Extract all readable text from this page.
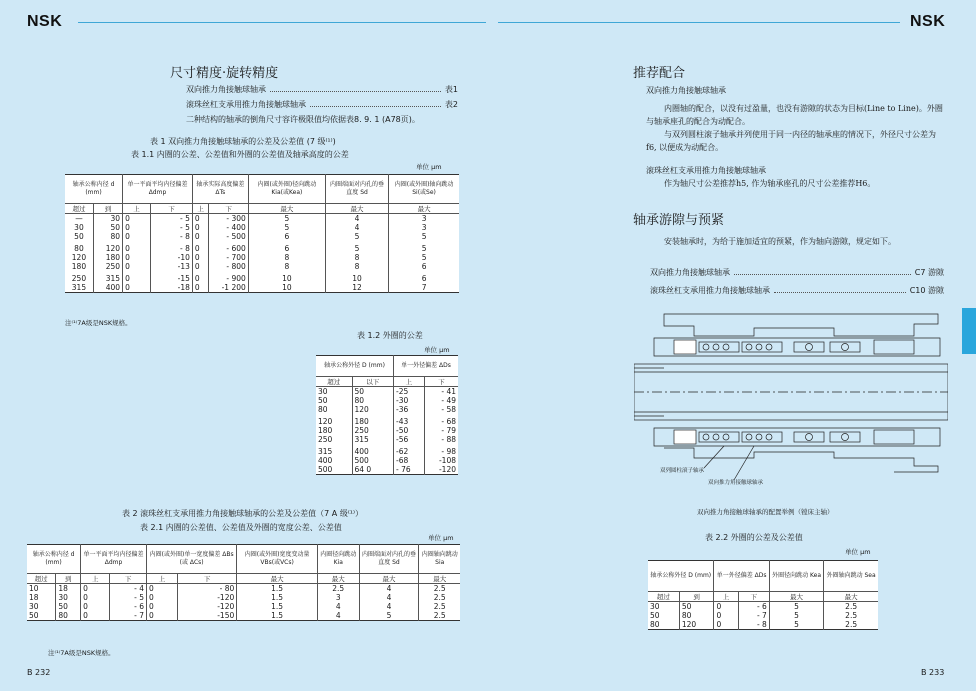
NSK	NSK
尺寸精度·旋转精度
双向推力角接触球轴承	表1
滚珠丝杠支承用推力角接触球轴承	表2
二种结构的轴承的倒角尺寸容许极限值均依据表8. 9. 1 (A78页)。
表 1 双向推力角接触球轴承的公差及公差值 (7 级⁽¹⁾)
表 1.1 内圈的公差、公差值和外圈的公差值及轴承高度的公差
单位 μm
轴承公称内径 d (mm)		单一平面平均内径偏差 Δdmp		轴承实际高度偏差 ΔTs		内圈(或外圈)径向跳动 Kia(或Kea)	内圈端面对内孔的垂直度 Sd	内圈(或外圈)轴向跳动 Si(或Se)
超过	到	上	下	上	下	最大	最大	最大
—	30	0	- 5	0	- 300	5	4	3
30	50	0	- 5	0	- 400	5	4	3
50	80	0	- 8	0	- 500	6	5	5
80	120	0	- 8	0	- 600	6	5	5
120	180	0	-10	0	- 700	8	8	5
180	250	0	-13	0	- 800	8	8	6
250	315	0	-15	0	- 900	10	10	6
315	400	0	-18	0	-1 200	10	12	7
注⁽¹⁾7A级是NSK规格。
表 1.2 外圈的公差
单位 μm
轴承公称外径 D (mm)		单一外径偏差 ΔDs	
超过	以下	上	下
30	50	-25	- 41
50	80	-30	- 49
80	120	-36	- 58
120	180	-43	- 68
180	250	-50	- 79
250	315	-56	- 88
315	400	-62	- 98
400	500	-68	-108
500	64 0	- 76	-120
表 2 滚珠丝杠支承用推力角接触球轴承的公差及公差值（7 A 级⁽¹⁾）
表 2.1 内圈的公差值、公差值及外圈的宽度公差、公差值
单位 μm
轴承公称内径 d (mm)		单一平面平均内径偏差 Δdmp		内圈(或外圈)单一宽度偏差 ΔBs (或 ΔCs)		内圈(或外圈)宽度变动量 VBs(或VCs)	内圈径向跳动 Kia	内圈端面对内孔的垂直度 Sd	内圈轴向跳动 Sia
超过	到	上	下	上	下	最大	最大	最大	最大
10	18	0	- 4	0	- 80	1.5	2.5	4	2.5
18	30	0	- 5	0	-120	1.5	3	4	2.5
30	50	0	- 6	0	-120	1.5	4	4	2.5
50	80	0	- 7	0	-150	1.5	4	5	2.5
注⁽¹⁾7A级是NSK规格。
B 232
推荐配合
双向推力角接触球轴承
内圈轴的配合，以没有过盈量，也没有游隙的状态为目标(Line to Line)。外圈与轴承座孔的配合为动配合。
与双列圆柱滚子轴承并列使用于同一内径的轴承座的情况下，外径尺寸公差为 f6, 以便成为动配合。
滚珠丝杠支承用推力角接触球轴承
作为轴尺寸公差推荐h5, 作为轴承座孔的尺寸公差推荐H6。
轴承游隙与预紧
安装轴承时，为给于施加适宜的预紧，作为轴向游隙，规定如下。
双向推力角接触球轴承	C7 游隙
滚珠丝杠支承用推力角接触球轴承	C10 游隙
双列圆柱滚子轴承
双向推力角接触球轴承
双向推力角接触球轴承的配置举例（镗床主轴）
表 2.2 外圈的公差及公差值
单位 μm
轴承公称外径 D (mm)		单一外径偏差 ΔDs		外圈径向跳动 Kea	外圈轴向跳动 Sea
超过	到	上	下	最大	最大
30	50	0	- 6	5	2.5
50	80	0	- 7	5	2.5
80	120	0	- 8	5	2.5
B 233
